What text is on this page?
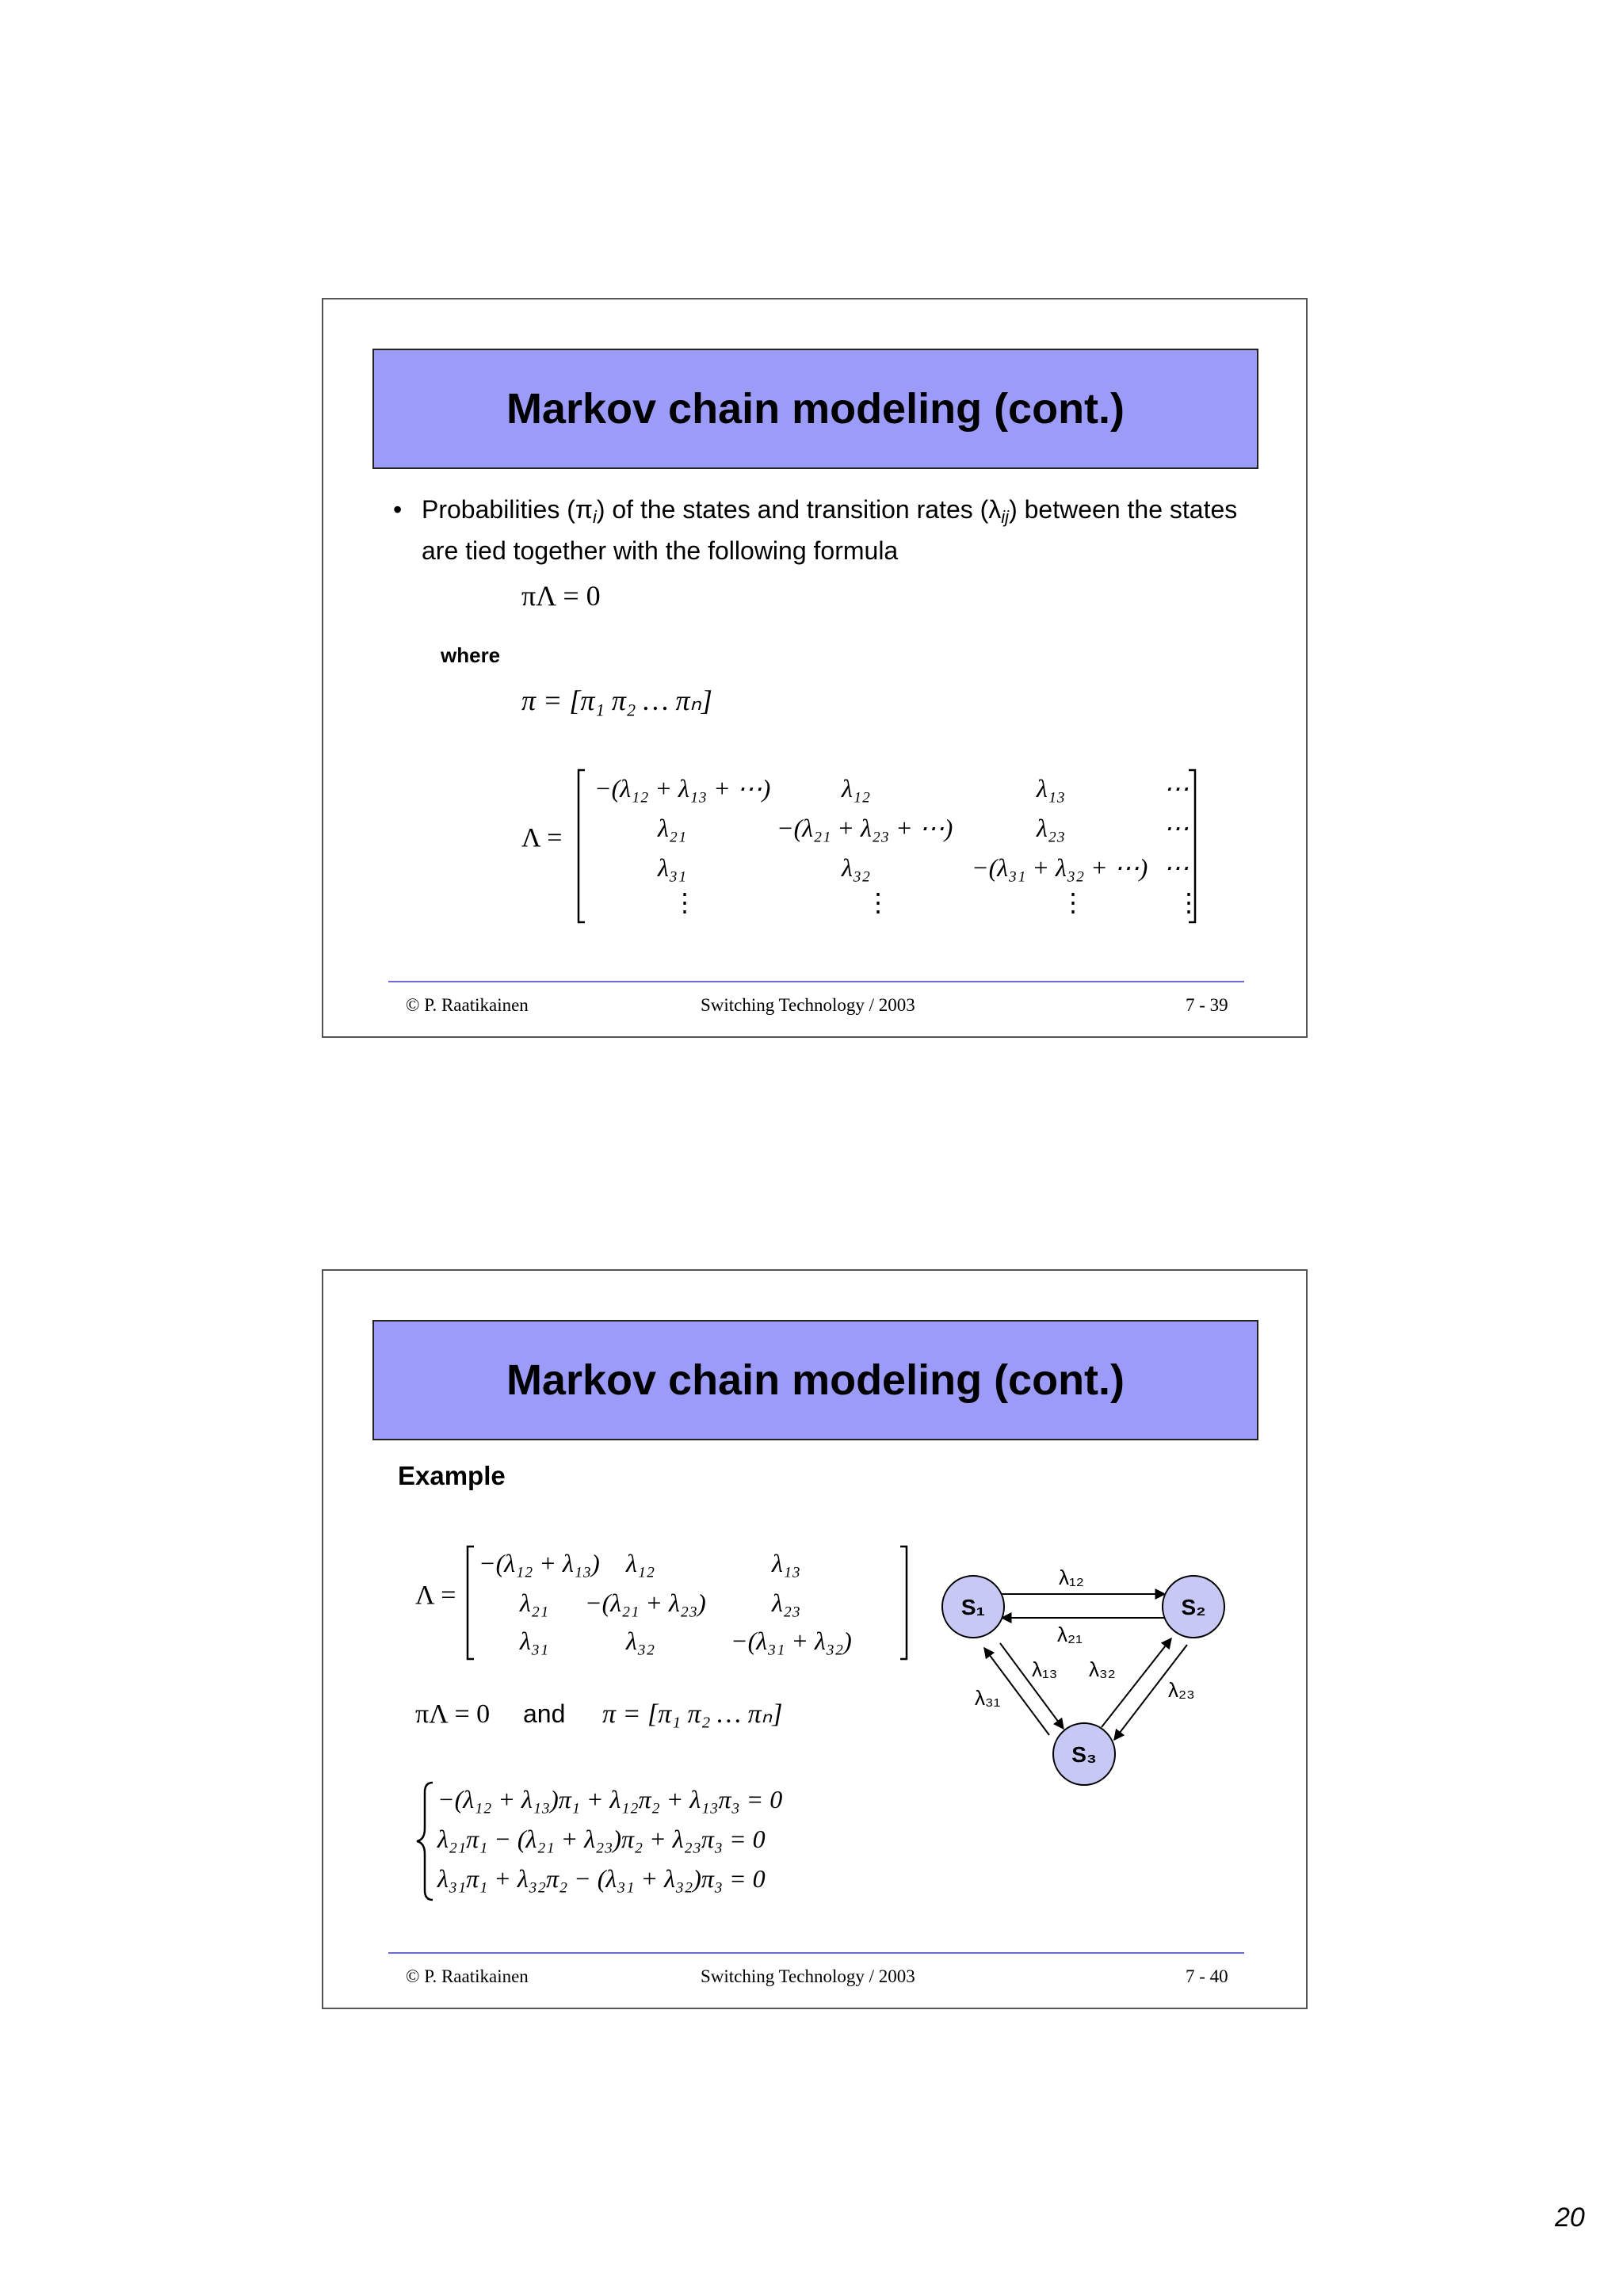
Markov chain modeling (cont.)
• Probabilities $(\pi_i)$ of the states and transition rates $(\lambda_{ij})$ between the states are tied together with the following formula
πΛ = 0
where
π = [π₁ π₂ … πₙ]
Λ =
−(λ₁₂ + λ₁₃ + ⋯)	λ₁₂	λ₁₃	⋯
λ₂₁	−(λ₂₁ + λ₂₃ + ⋯)	λ₂₃	⋯
λ₃₁	λ₃₂	−(λ₃₁ + λ₃₂ + ⋯) ⋯
⋮	⋮	⋮	⋮
© P. Raatikainen	Switching Technology / 2003	7 - 39
Markov chain modeling (cont.)
Example
Λ =
−(λ₁₂ + λ₁₃) λ₁₂	λ₁₃
λ₂₁ −(λ₂₁ + λ₂₃)	λ₂₃
λ₃₁	λ₃₂	−(λ₃₁ + λ₃₂)
πΛ = 0 and π = [π₁ π₂ … πₙ]
−(λ₁₂ + λ₁₃)π₁ + λ₁₂π₂ + λ₁₃π₃ = 0
λ₂₁π₁ − (λ₂₁ + λ₂₃)π₂ + λ₂₃π₃ = 0
λ₃₁π₁ + λ₃₂π₂ − (λ₃₁ + λ₃₂)π₃ = 0
S₁	S₂
S₃
λ₁₂
λ₂₁
λ₁₃ λ₃₂
λ₃₁	λ₂₃
© P. Raatikainen	Switching Technology / 2003	7 - 40
20
